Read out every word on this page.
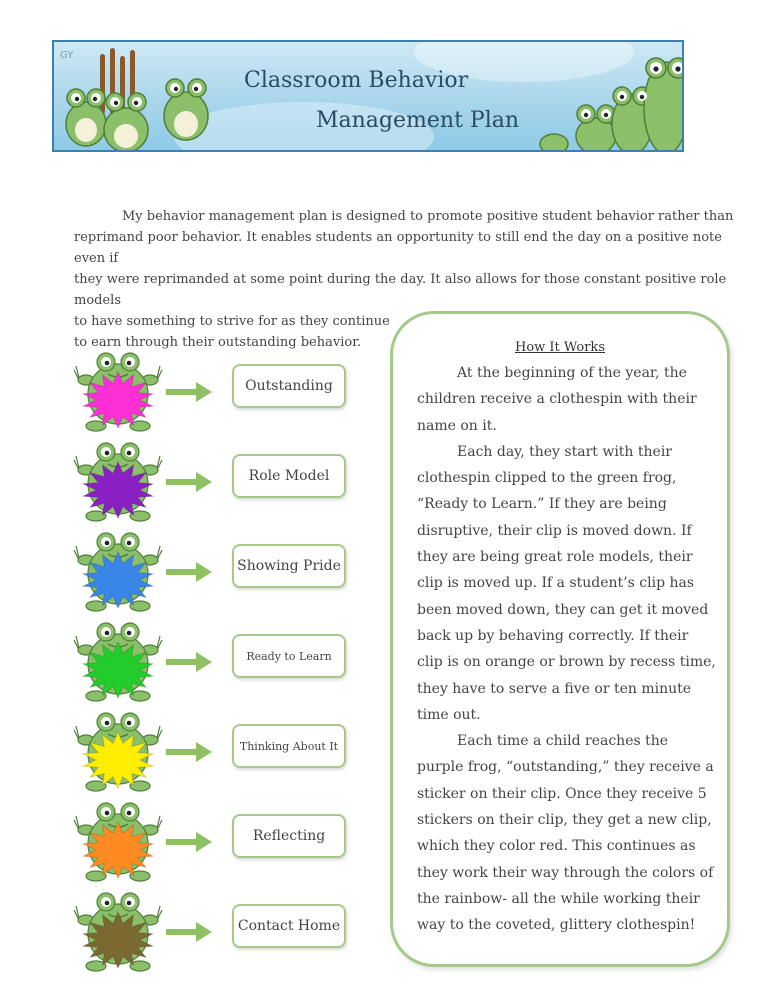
GY
Classroom Behavior
Management Plan

My behavior management plan is designed to promote positive student behavior rather than

reprimand poor behavior. It enables students an opportunity to still end the day on a positive note even if

they were reprimanded at some point during the day. It also allows for those constant positive role models

to have something to strive for as they continue

to earn through their outstanding behavior.

Outstanding
Role Model
Showing Pride
Ready to Learn
Thinking About It
Reflecting
Contact Home
How It Works

At the beginning of the year, the children receive a clothespin with their name on it.

Each day, they start with their clothespin clipped to the green frog, “Ready to Learn.” If they are being disruptive, their clip is moved down. If they are being great role models, their clip is moved up. If a student’s clip has been moved down, they can get it moved back up by behaving correctly. If their clip is on orange or brown by recess time, they have to serve a five or ten minute time out.

Each time a child reaches the purple frog, “outstanding,” they receive a sticker on their clip. Once they receive 5 stickers on their clip, they get a new clip, which they color red. This continues as they work their way through the colors of the rainbow- all the while working their way to the coveted, glittery clothespin!
